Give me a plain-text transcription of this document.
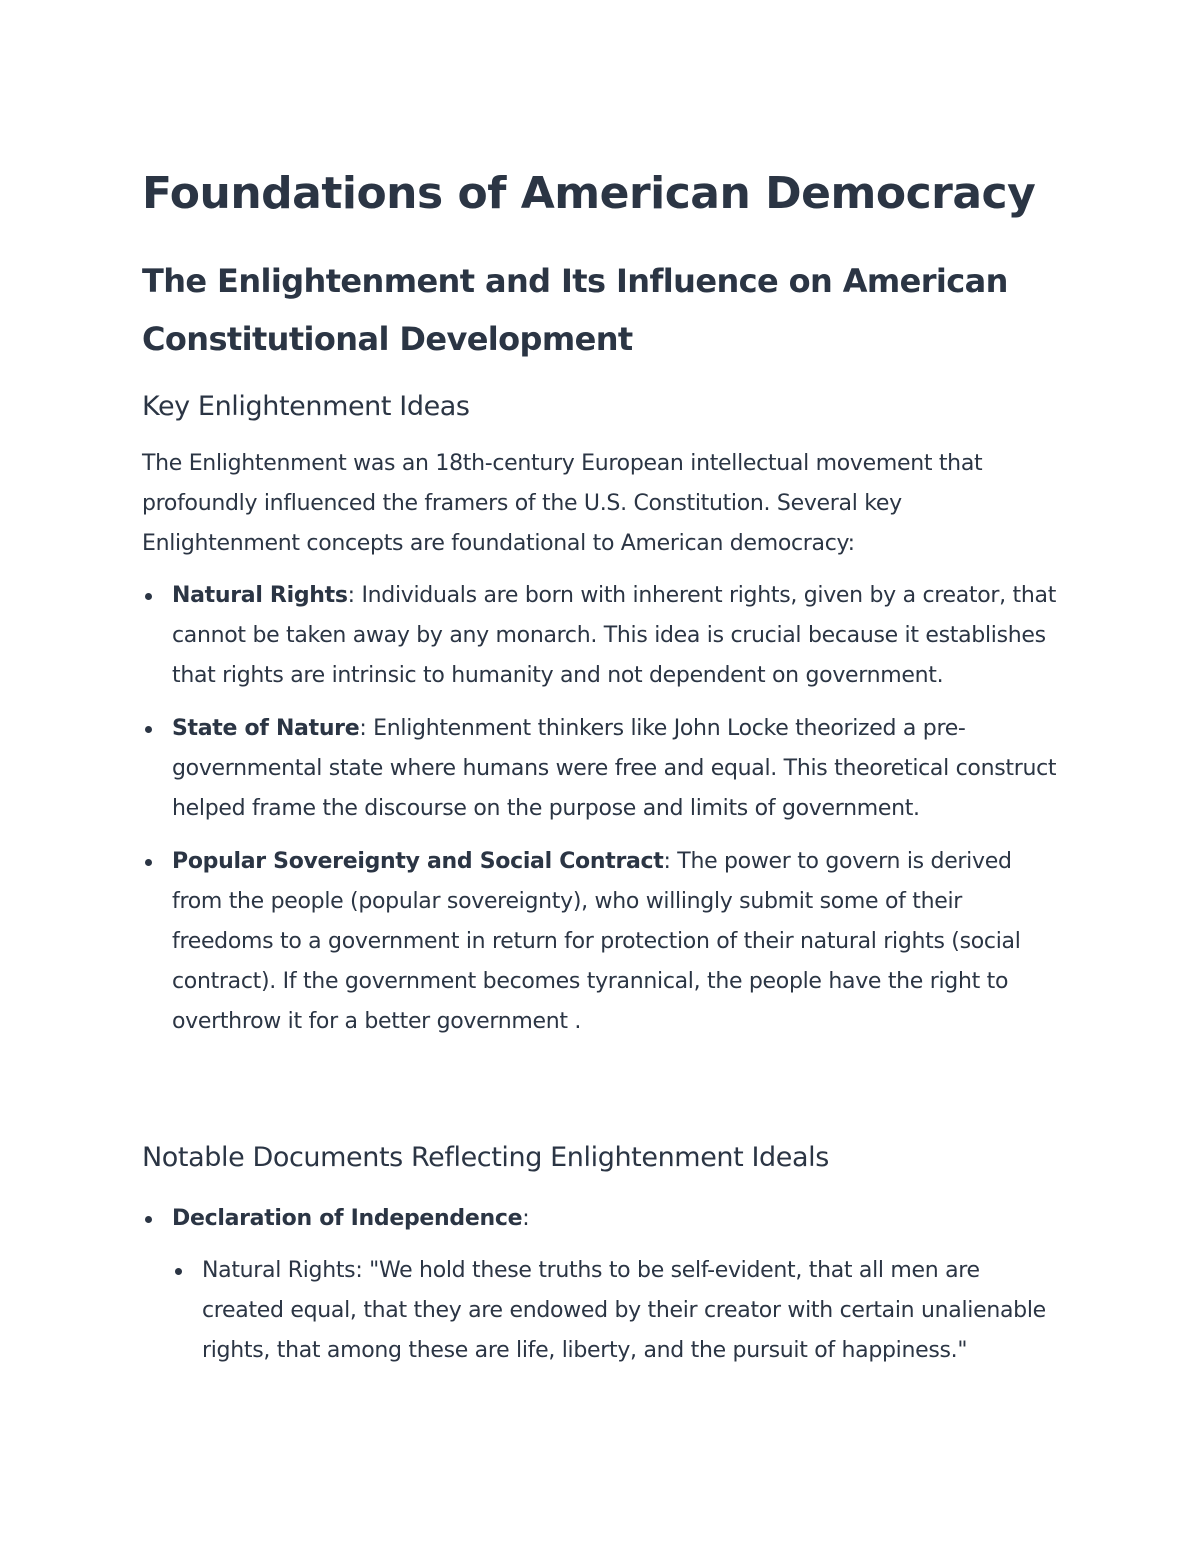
Foundations of American Democracy
The Enlightenment and Its Influence on American Constitutional Development
Key Enlightenment Ideas

The Enlightenment was an 18th-century European intellectual movement that profoundly influenced the framers of the U.S. Constitution. Several key Enlightenment concepts are foundational to American democracy:

Natural Rights: Individuals are born with inherent rights, given by a creator, that cannot be taken away by any monarch. This idea is crucial because it establishes that rights are intrinsic to humanity and not dependent on government.
State of Nature: Enlightenment thinkers like John Locke theorized a pre-governmental state where humans were free and equal. This theoretical construct helped frame the discourse on the purpose and limits of government.
Popular Sovereignty and Social Contract: The power to govern is derived from the people (popular sovereignty), who willingly submit some of their freedoms to a government in return for protection of their natural rights (social contract). If the government becomes tyrannical, the people have the right to overthrow it for a better government .
Notable Documents Reflecting Enlightenment Ideals
Declaration of Independence:
Natural Rights: "We hold these truths to be self-evident, that all men are created equal, that they are endowed by their creator with certain unalienable rights, that among these are life, liberty, and the pursuit of happiness."
